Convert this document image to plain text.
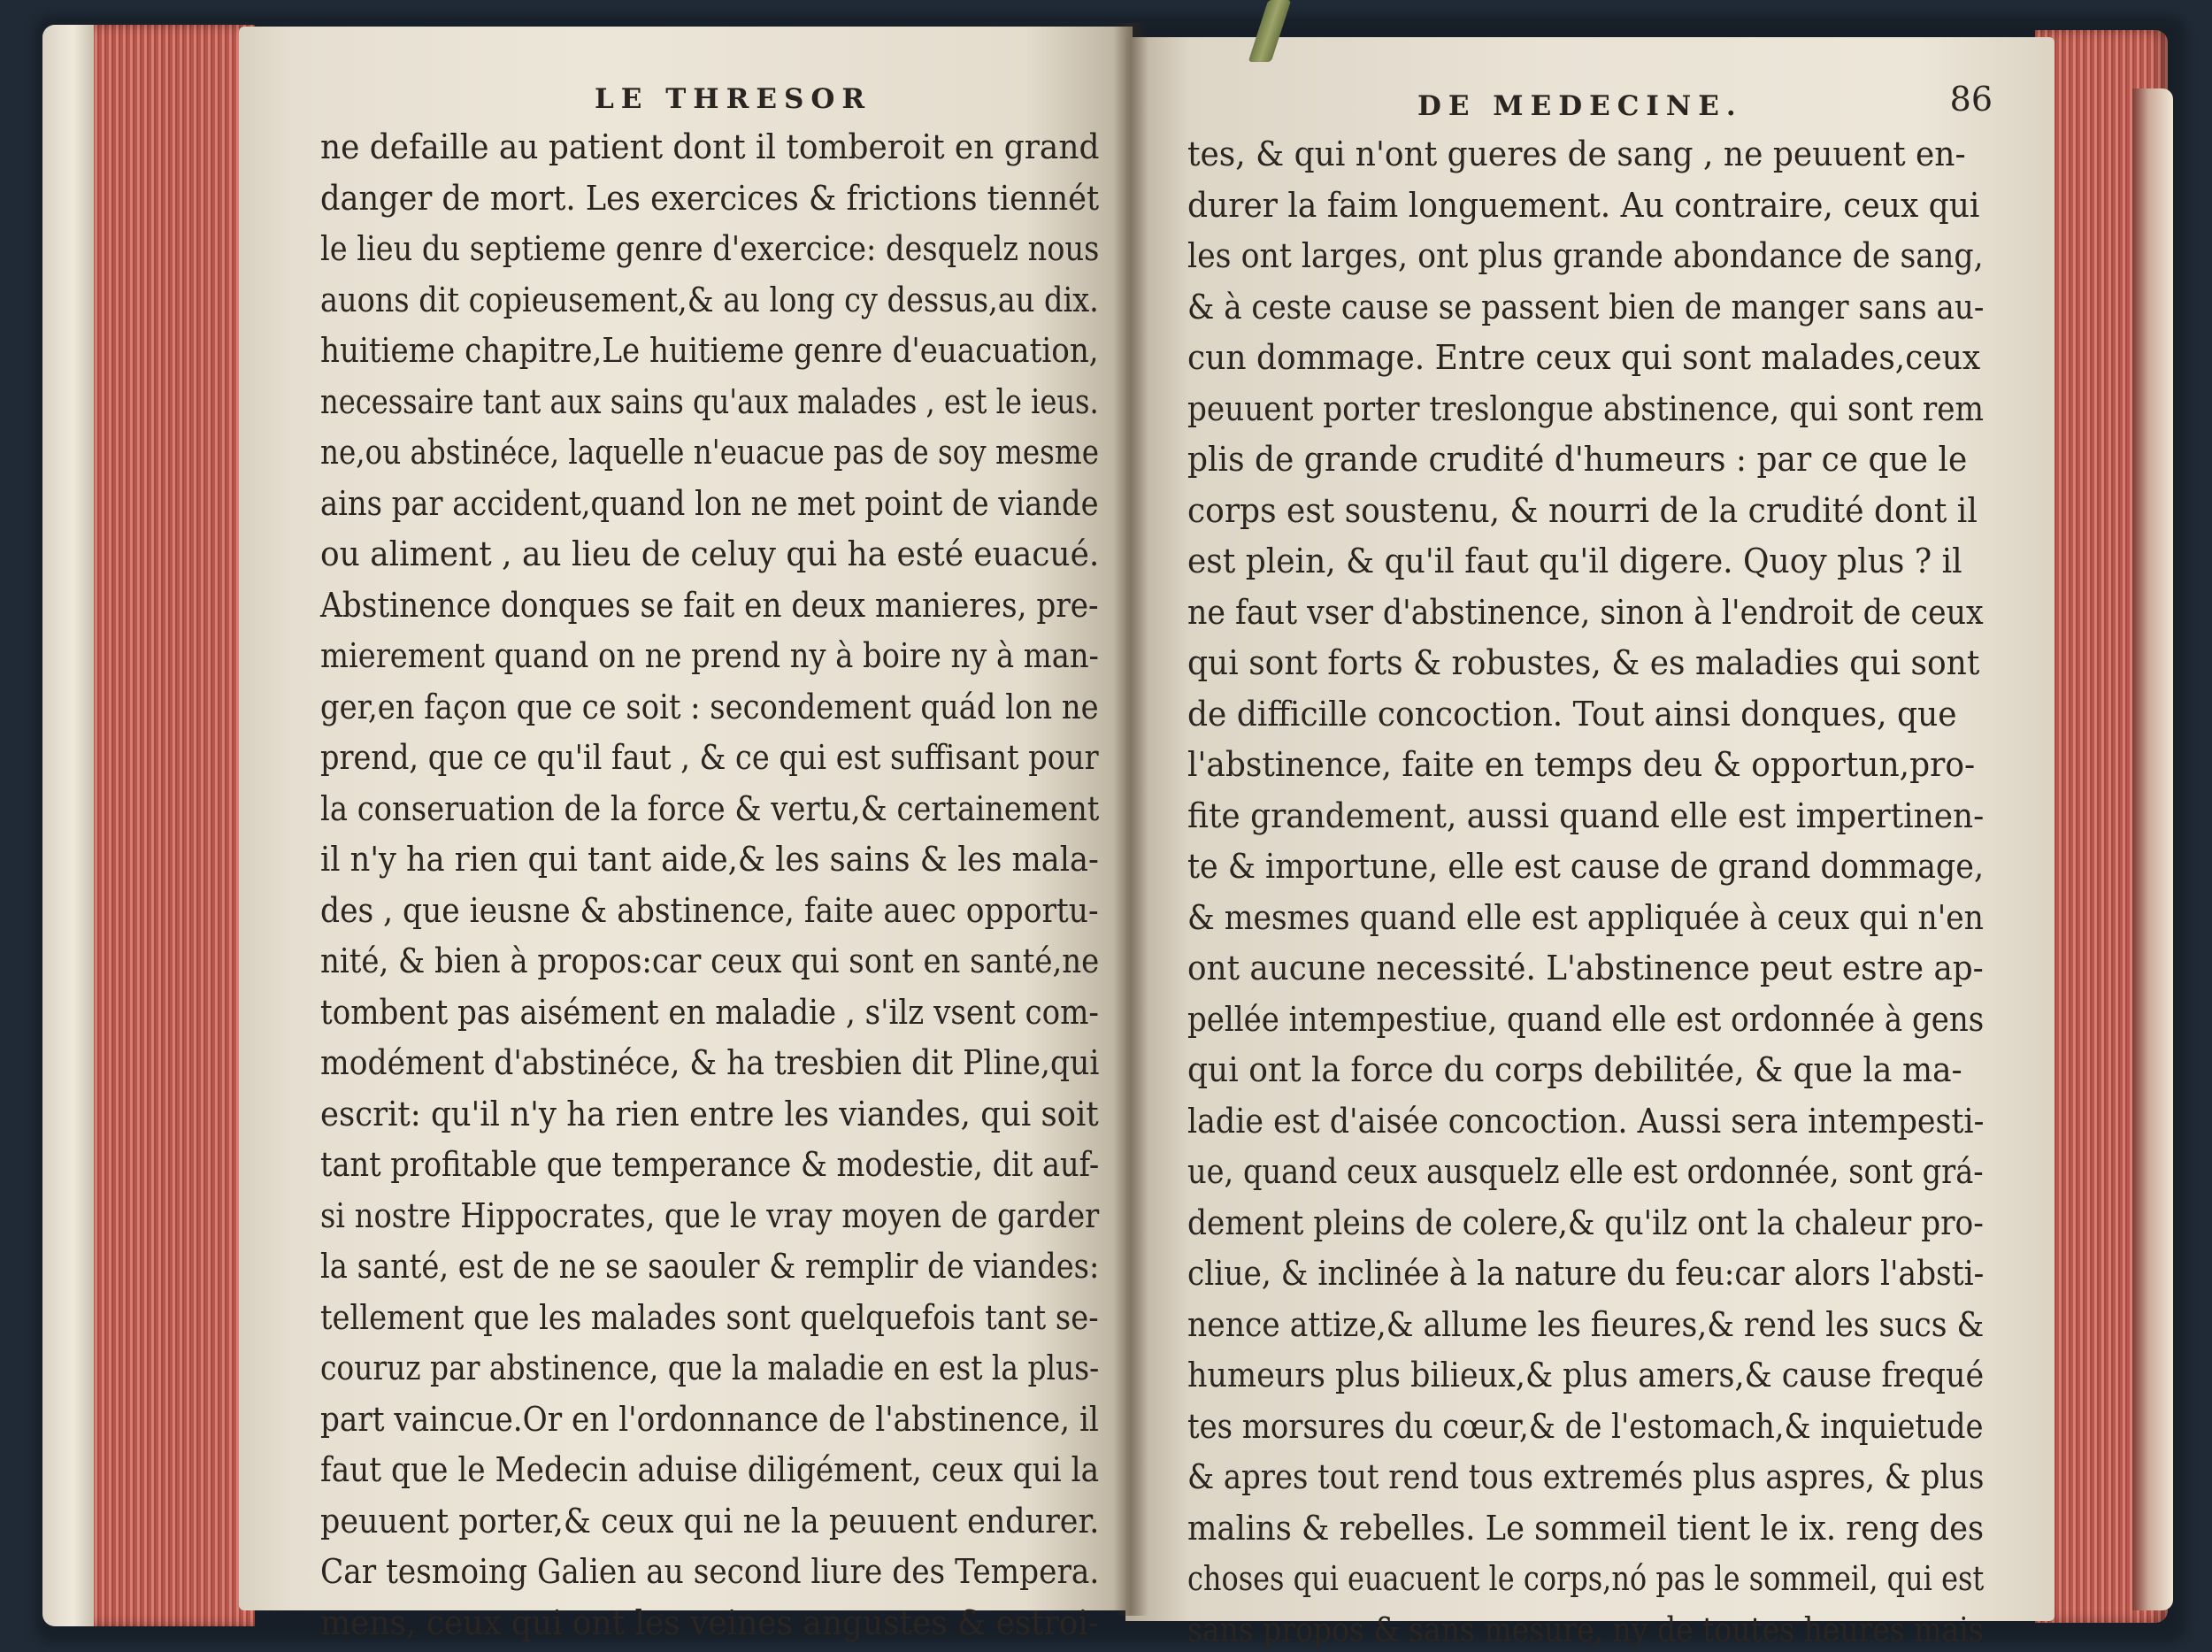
LE THRESOR
ne defaille au patient dont il tomberoit en grand
danger de mort. Les exercices & frictions tiennét
le lieu du septieme genre d'exercice: desquelz nous
auons dit copieusement,& au long cy dessus,au dix.
huitieme chapitre,Le huitieme genre d'euacuation,
necessaire tant aux sains qu'aux malades , est le ieus.
ne,ou abstinéce, laquelle n'euacue pas de soy mesme
ains par accident,quand lon ne met point de viande
ou aliment , au lieu de celuy qui ha esté euacué.
Abstinence donques se fait en deux manieres, pre-
mierement quand on ne prend ny à boire ny à man-
ger,en façon que ce soit : secondement quád lon ne
prend, que ce qu'il faut , & ce qui est suffisant pour
la conseruation de la force & vertu,& certainement
il n'y ha rien qui tant aide,& les sains & les mala-
des , que ieusne & abstinence, faite auec opportu-
nité, & bien à propos:car ceux qui sont en santé,ne
tombent pas aisément en maladie , s'ilz vsent com-
modément d'abstinéce, & ha tresbien dit Pline,qui
escrit: qu'il n'y ha rien entre les viandes, qui soit
tant profitable que temperance & modestie, dit auf-
si nostre Hippocrates, que le vray moyen de garder
la santé, est de ne se saouler & remplir de viandes:
tellement que les malades sont quelquefois tant se-
couruz par abstinence, que la maladie en est la plus-
part vaincue.Or en l'ordonnance de l'abstinence, il
faut que le Medecin aduise diligément, ceux qui la
peuuent porter,& ceux qui ne la peuuent endurer.
Car tesmoing Galien au second liure des Tempera.
mens, ceux qui ont les veines angustes & estroi-
DE MEDECINE.	86
tes, & qui n'ont gueres de sang , ne peuuent en-
durer la faim longuement. Au contraire, ceux qui
les ont larges, ont plus grande abondance de sang,
& à ceste cause se passent bien de manger sans au-
cun dommage. Entre ceux qui sont malades,ceux
peuuent porter treslongue abstinence, qui sont rem
plis de grande crudité d'humeurs : par ce que le
corps est soustenu, & nourri de la crudité dont il
est plein, & qu'il faut qu'il digere. Quoy plus ? il
ne faut vser d'abstinence, sinon à l'endroit de ceux
qui sont forts & robustes, & es maladies qui sont
de difficille concoction. Tout ainsi donques, que
l'abstinence, faite en temps deu & opportun,pro-
fite grandement, aussi quand elle est impertinen-
te & importune, elle est cause de grand dommage,
& mesmes quand elle est appliquée à ceux qui n'en
ont aucune necessité. L'abstinence peut estre ap-
pellée intempestiue, quand elle est ordonnée à gens
qui ont la force du corps debilitée, & que la ma-
ladie est d'aisée concoction. Aussi sera intempesti-
ue, quand ceux ausquelz elle est ordonnée, sont grá-
dement pleins de colere,& qu'ilz ont la chaleur pro-
cliue, & inclinée à la nature du feu:car alors l'absti-
nence attize,& allume les fieures,& rend les sucs &
humeurs plus bilieux,& plus amers,& cause frequé
tes morsures du cœur,& de l'estomach,& inquietude
& apres tout rend tous extremés plus aspres, & plus
malins & rebelles. Le sommeil tient le ix. reng des
choses qui euacuent le corps,nó pas le sommeil, qui est
sans propos & sans mesure, ny de toutes heures mais
